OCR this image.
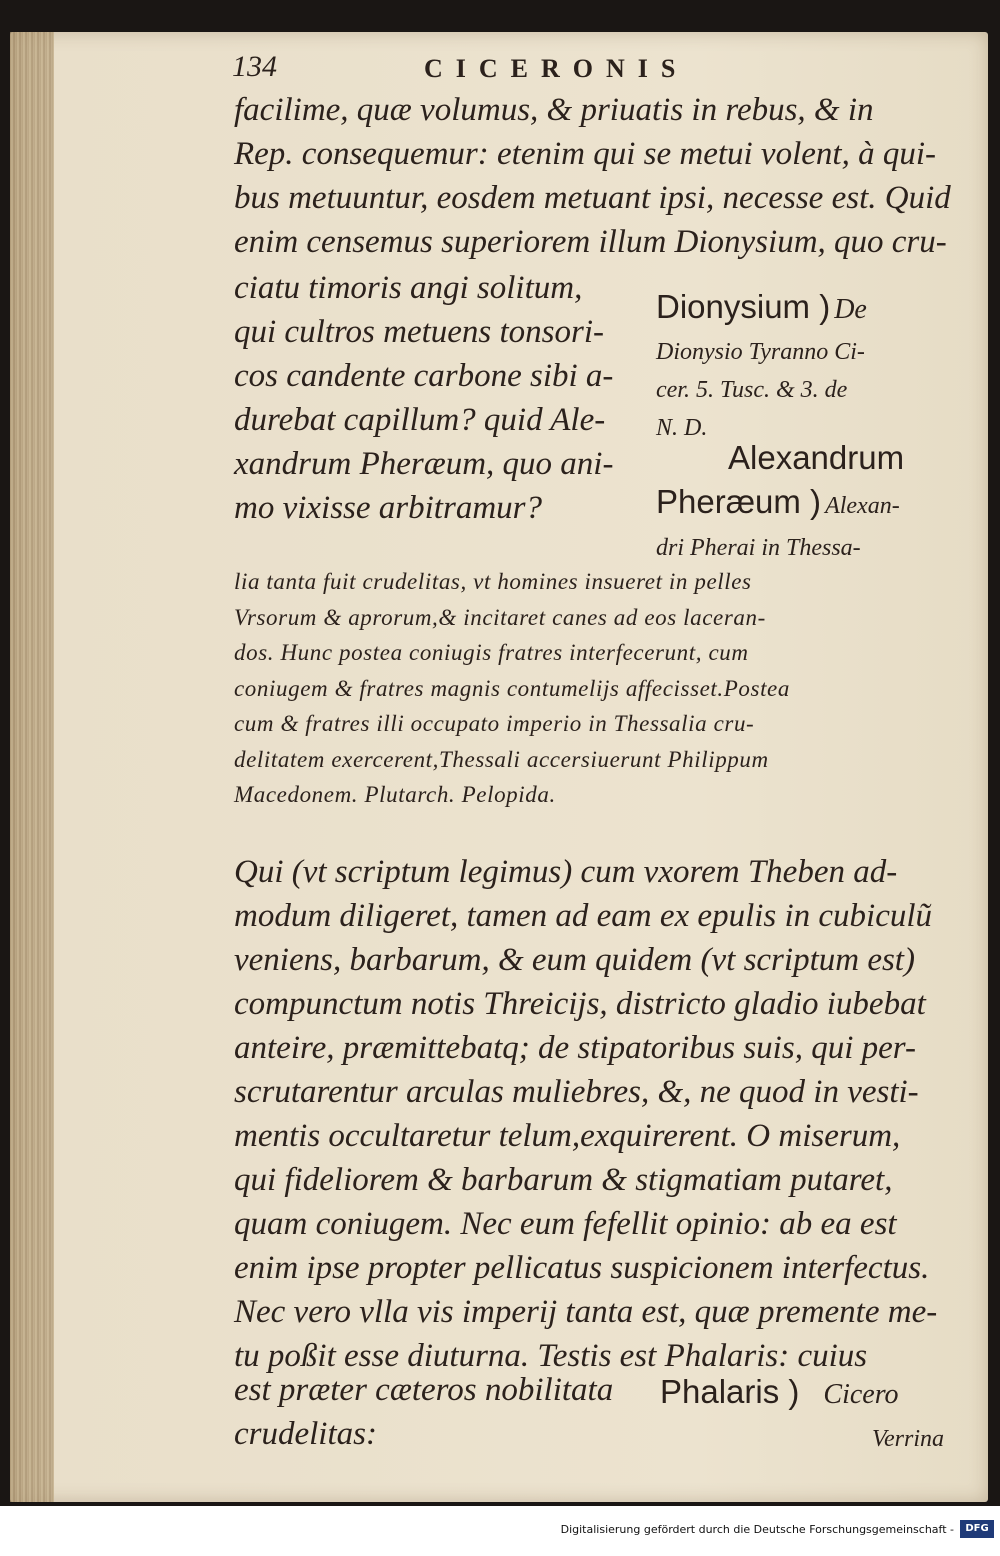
134	CICERONIS
facilime, quæ volumus, & priuatis in rebus, & in
Rep. consequemur: etenim qui se metui volent, à qui-
bus metuuntur, eosdem metuant ipsi, necesse est. Quid
enim censemus superiorem illum Dionysium, quo cru-
ciatu timoris angi solitum,
qui cultros metuens tonsori-
cos candente carbone sibi a-
durebat capillum? quid Ale-
xandrum Pheræum, quo ani-
mo vixisse arbitramur?
Dionysium ) De
Dionysio Tyranno Ci-
cer. 5. Tusc. & 3. de
N. D.
Alexandrum
Pheræum ) Alexan-
dri Pherai in Thessa-
lia tanta fuit crudelitas, vt homines insueret in pelles
Vrsorum & aprorum,& incitaret canes ad eos laceran-
dos. Hunc postea coniugis fratres interfecerunt, cum
coniugem & fratres magnis contumelijs affecisset.Postea
cum & fratres illi occupato imperio in Thessalia cru-
delitatem exercerent,Thessali accersiuerunt Philippum
Macedonem. Plutarch. Pelopida.
Qui (vt scriptum legimus) cum vxorem Theben ad-
modum diligeret, tamen ad eam ex epulis in cubiculũ
veniens, barbarum, & eum quidem (vt scriptum est)
compunctum notis Threicijs, districto gladio iubebat
anteire, præmittebatq; de stipatoribus suis, qui per-
scrutarentur arculas muliebres, &, ne quod in vesti-
mentis occultaretur telum,exquirerent. O miserum,
qui fideliorem & barbarum & stigmatiam putaret,
quam coniugem. Nec eum fefellit opinio: ab ea est
enim ipse propter pellicatus suspicionem interfectus.
Nec vero vlla vis imperij tanta est, quæ premente me-
tu poßit esse diuturna. Testis est Phalaris: cuius
est præter cæteros nobilitata
crudelitas:
Phalaris ) Cicero
Verrina
Digitalisierung gefördert durch die Deutsche Forschungsgemeinschaft -	DFG
